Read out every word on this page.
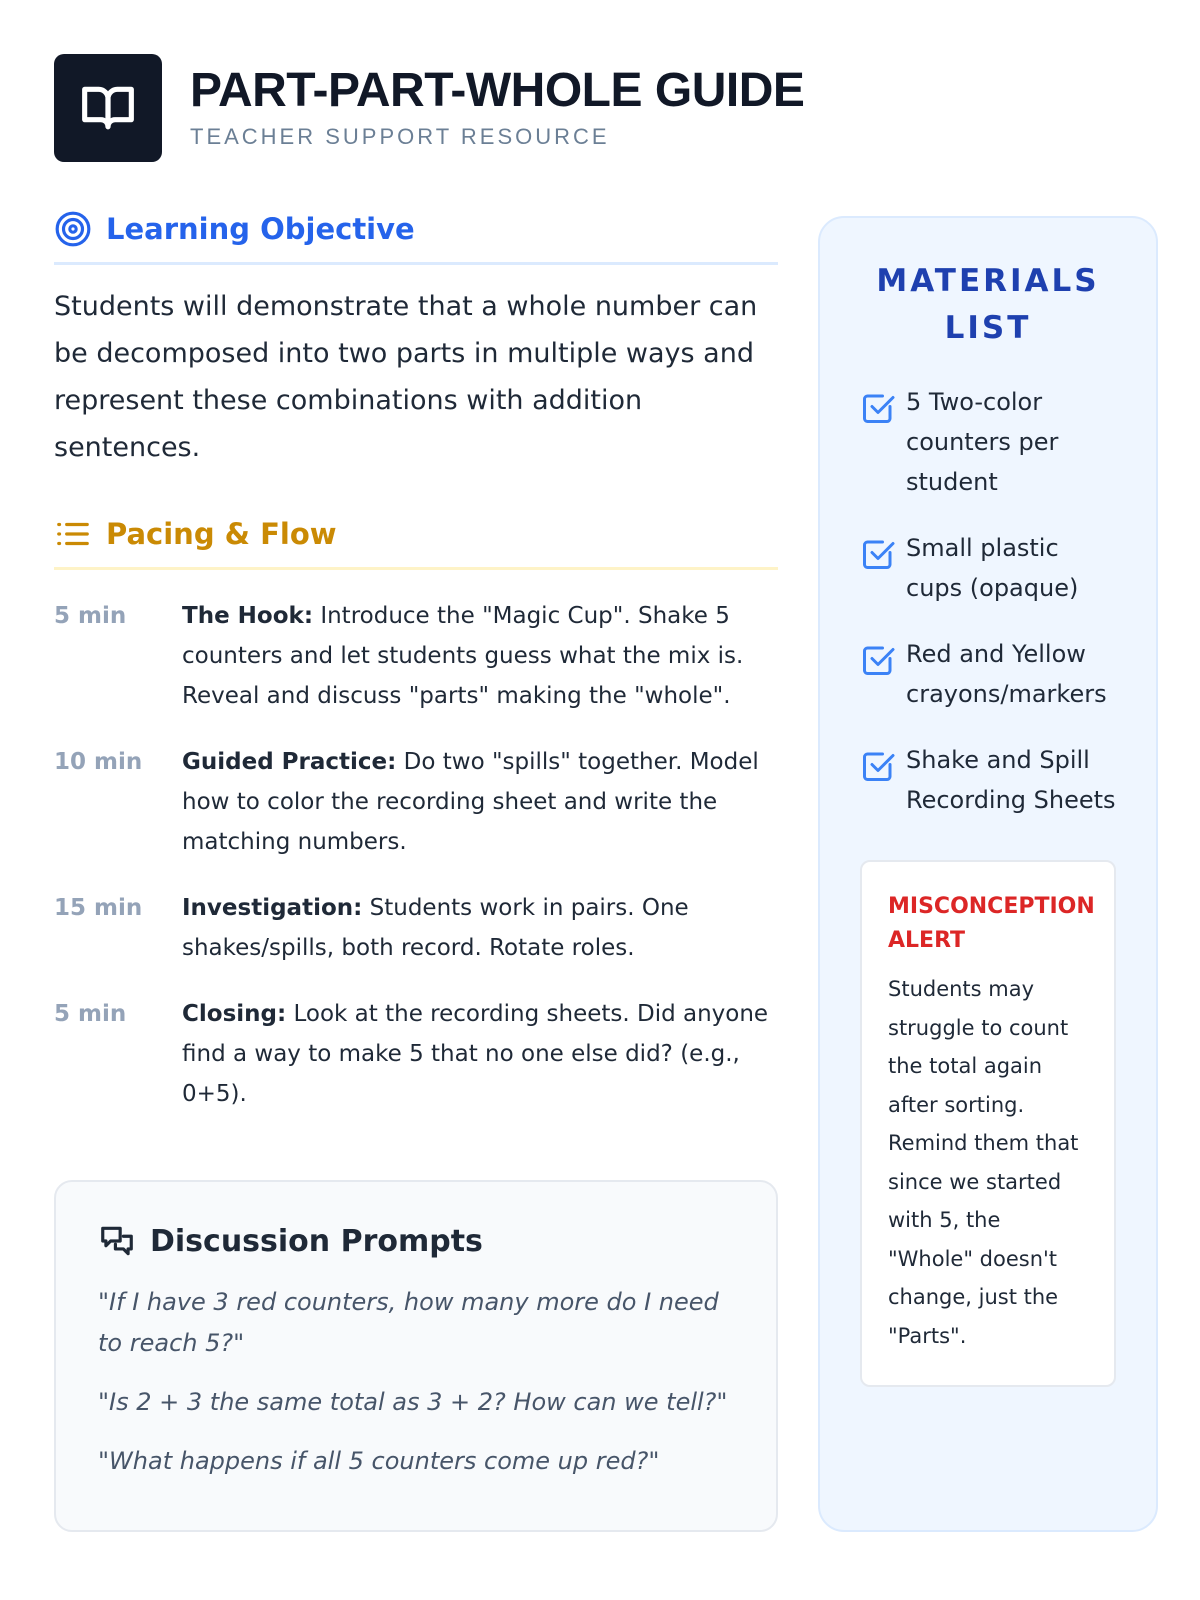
PART-PART-WHOLE GUIDE
TEACHER SUPPORT RESOURCE
Learning Objective

Students will demonstrate that a whole number can be decomposed into two parts in multiple ways and represent these combinations with addition sentences.

Pacing & Flow
5 min	The Hook: Introduce the "Magic Cup". Shake 5 counters and let students guess what the mix is. Reveal and discuss "parts" making the "whole".
10 min	Guided Practice: Do two "spills" together. Model how to color the recording sheet and write the matching numbers.
15 min	Investigation: Students work in pairs. One shakes/spills, both record. Rotate roles.
5 min	Closing: Look at the recording sheets. Did anyone find a way to make 5 that no one else did? (e.g., 0+5).
Discussion Prompts

"If I have 3 red counters, how many more do I need to reach 5?"

"Is 2 + 3 the same total as 3 + 2? How can we tell?"

"What happens if all 5 counters come up red?"

MATERIALS LIST
5 Two-color counters per student
Small plastic cups (opaque)
Red and Yellow crayons/markers
Shake and Spill Recording Sheets
MISCONCEPTION ALERT
Students may struggle to count the total again after sorting. Remind them that since we started with 5, the "Whole" doesn't change, just the "Parts".
